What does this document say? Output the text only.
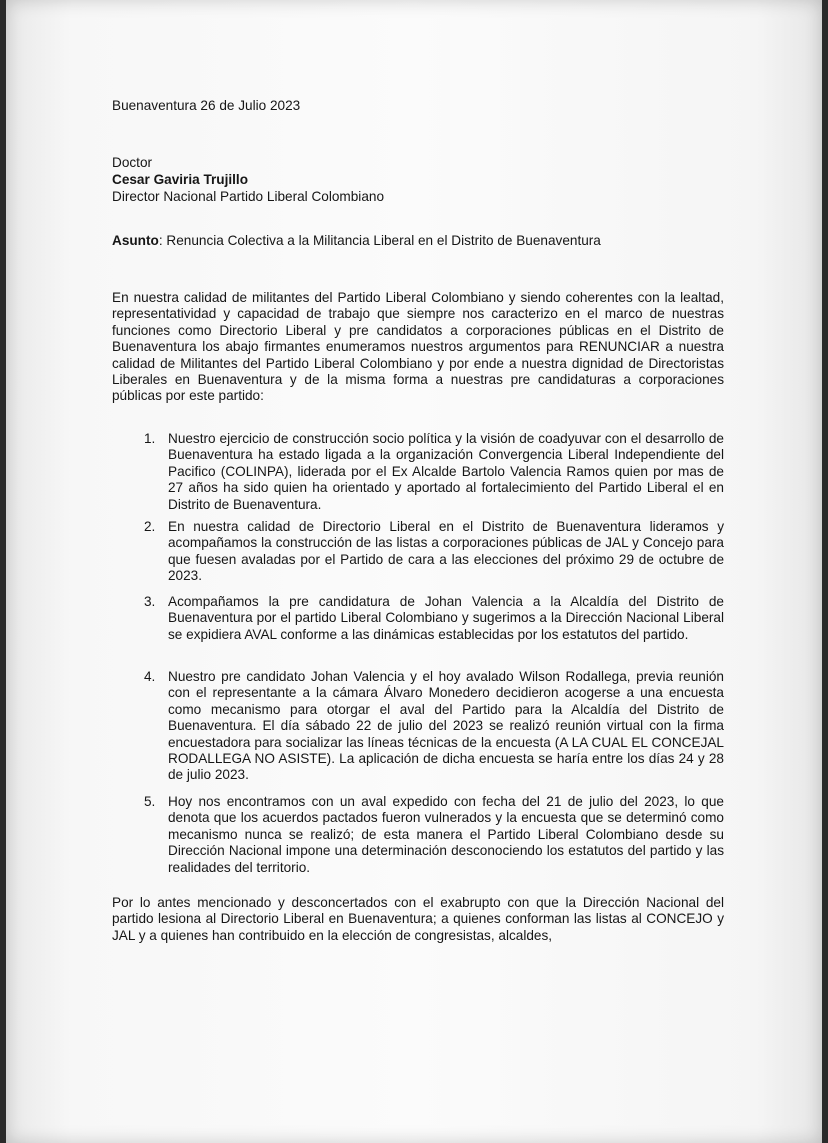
Buenaventura 26 de Julio 2023
Doctor
Cesar Gaviria Trujillo
Director Nacional Partido Liberal Colombiano
Asunto: Renuncia Colectiva a la Militancia Liberal en el Distrito de Buenaventura
En nuestra calidad de militantes del Partido Liberal Colombiano y siendo coherentes con la lealtad, representatividad y capacidad de trabajo que siempre nos caracterizo en el marco de nuestras funciones como Directorio Liberal y pre candidatos a corporaciones públicas en el Distrito de Buenaventura los abajo firmantes enumeramos nuestros argumentos para RENUNCIAR a nuestra calidad de Militantes del Partido Liberal Colombiano y por ende a nuestra dignidad de Directoristas Liberales en Buenaventura y de la misma forma a nuestras pre candidaturas a corporaciones públicas por este partido:
1. Nuestro ejercicio de construcción socio política y la visión de coadyuvar con el desarrollo de Buenaventura ha estado ligada a la organización Convergencia Liberal Independiente del Pacifico (COLINPA), liderada por el Ex Alcalde Bartolo Valencia Ramos quien por mas de 27 años ha sido quien ha orientado y aportado al fortalecimiento del Partido Liberal el en Distrito de Buenaventura.
2. En nuestra calidad de Directorio Liberal en el Distrito de Buenaventura lideramos y acompañamos la construcción de las listas a corporaciones públicas de JAL y Concejo para que fuesen avaladas por el Partido de cara a las elecciones del próximo 29 de octubre de 2023.
3. Acompañamos la pre candidatura de Johan Valencia a la Alcaldía del Distrito de Buenaventura por el partido Liberal Colombiano y sugerimos a la Dirección Nacional Liberal se expidiera AVAL conforme a las dinámicas establecidas por los estatutos del partido.
4. Nuestro pre candidato Johan Valencia y el hoy avalado Wilson Rodallega, previa reunión con el representante a la cámara Álvaro Monedero decidieron acogerse a una encuesta como mecanismo para otorgar el aval del Partido para la Alcaldía del Distrito de Buenaventura. El día sábado 22 de julio del 2023 se realizó reunión virtual con la firma encuestadora para socializar las líneas técnicas de la encuesta (A LA CUAL EL CONCEJAL RODALLEGA NO ASISTE). La aplicación de dicha encuesta se haría entre los días 24 y 28 de julio 2023.
5. Hoy nos encontramos con un aval expedido con fecha del 21 de julio del 2023, lo que denota que los acuerdos pactados fueron vulnerados y la encuesta que se determinó como mecanismo nunca se realizó; de esta manera el Partido Liberal Colombiano desde su Dirección Nacional impone una determinación desconociendo los estatutos del partido y las realidades del territorio.
Por lo antes mencionado y desconcertados con el exabrupto con que la Dirección Nacional del partido lesiona al Directorio Liberal en Buenaventura; a quienes conforman las listas al CONCEJO y JAL y a quienes han contribuido en la elección de congresistas, alcaldes,
